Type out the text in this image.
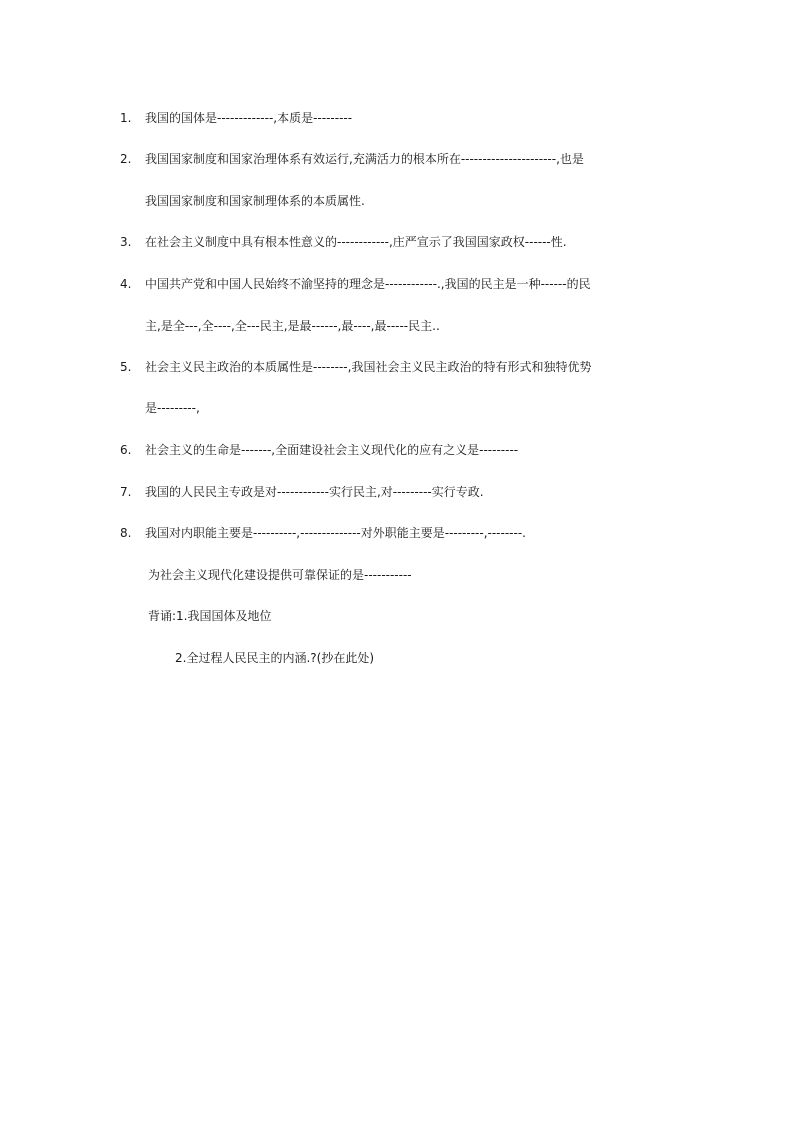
1. 我国的国体是-------------,本质是---------
2. 我国国家制度和国家治理体系有效运行,充满活力的根本所在----------------------,也是
我国国家制度和国家制理体系的本质属性.
3. 在社会主义制度中具有根本性意义的------------,庄严宣示了我国国家政权------性.
4. 中国共产党和中国人民始终不渝坚持的理念是------------.,我国的民主是一种------的民
主,是全---,全----,全---民主,是最------,最----,最-----民主..
5. 社会主义民主政治的本质属性是--------,我国社会主义民主政治的特有形式和独特优势
是---------,
6. 社会主义的生命是-------,全面建设社会主义现代化的应有之义是---------
7. 我国的人民民主专政是对------------实行民主,对---------实行专政.
8. 我国对内职能主要是----------,--------------对外职能主要是---------,--------.
为社会主义现代化建设提供可靠保证的是-----------
背诵:1.我国国体及地位
2.全过程人民民主的内涵.?(抄在此处)
